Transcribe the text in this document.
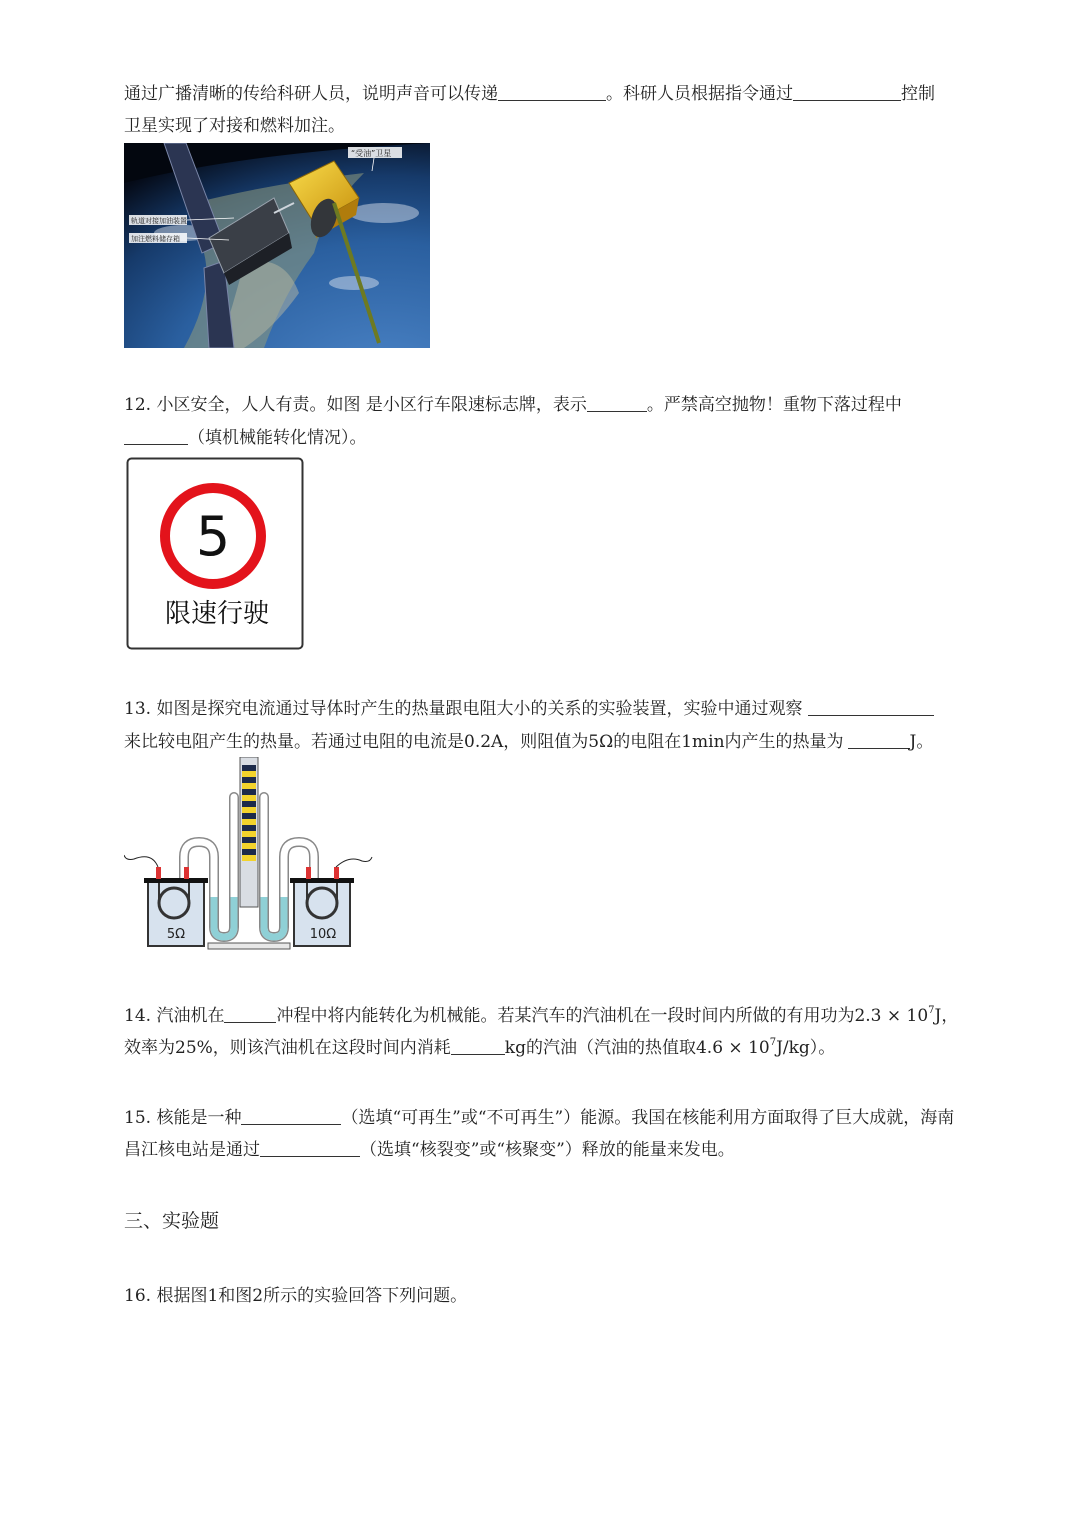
通过广播清晰的传给科研人员，说明声音可以传递	。科研人员根据指令通过	控制
卫星实现了对接和燃料加注。
“受油”卫星
轨道对接加油装置
加注燃料储存箱
12. 小区安全，人人有责。如图 是小区行车限速标志牌，表示	。严禁高空抛物！重物下落过程中
（填机械能转化情况）。
5
限速行驶
13. 如图是探究电流通过导体时产生的热量跟电阻大小的关系的实验装置，实验中通过观察
来比较电阻产生的热量。若通过电阻的电流是0.2A，则阻值为5Ω的电阻在1min内产生的热量为	J。
5Ω	10Ω
14. 汽油机在	冲程中将内能转化为机械能。若某汽车的汽油机在一段时间内所做的有用功为$2.3 \times 10^7J$，
效率为25%，则该汽油机在这段时间内消耗	kg的汽油（汽油的热值取$4.6 \times 10^7J/kg$）。
15. 核能是一种	（选填“可再生”或“不可再生”）能源。我国在核能利用方面取得了巨大成就，海南
昌江核电站是通过	（选填“核裂变”或“核聚变”）释放的能量来发电。
三、实验题
16. 根据图1和图2所示的实验回答下列问题。
